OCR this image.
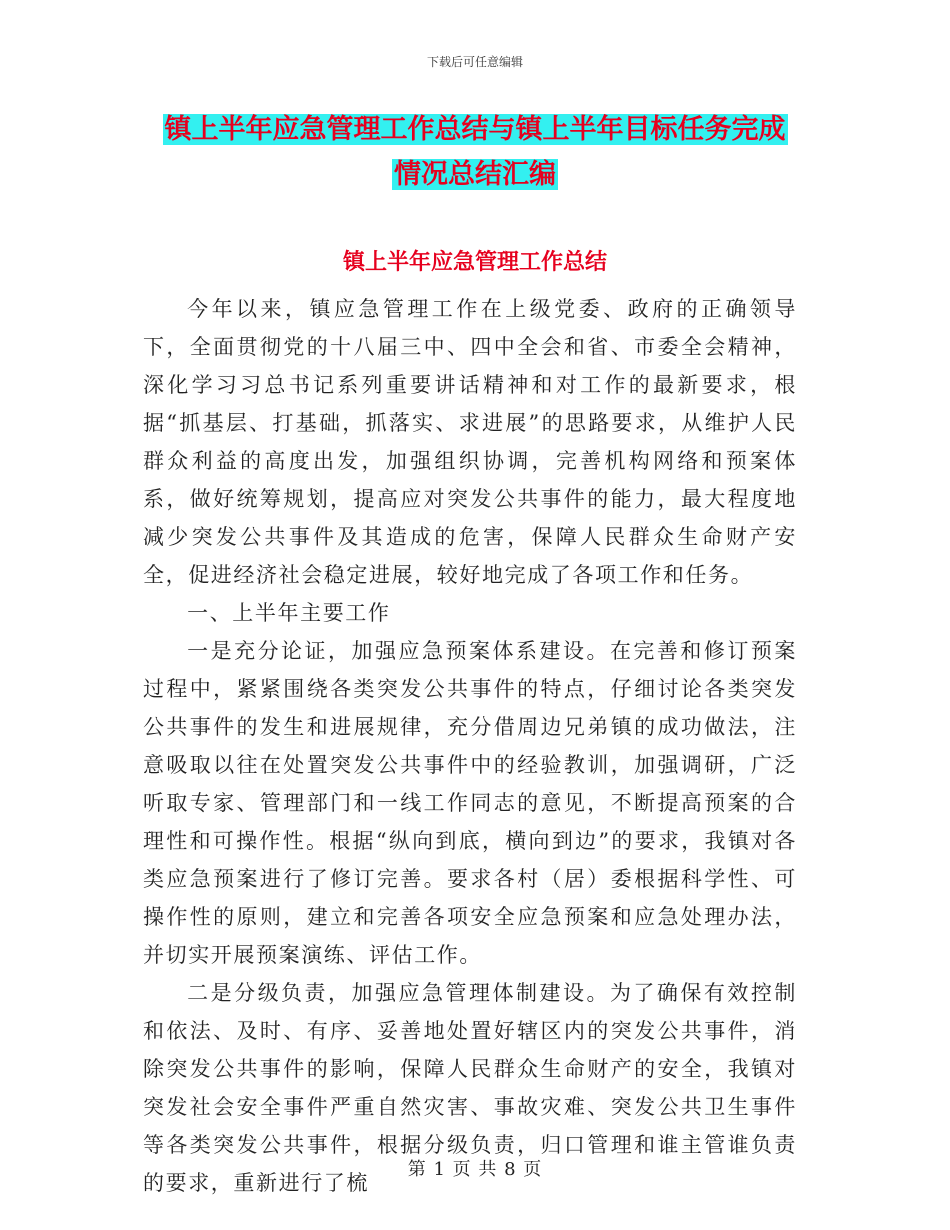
下载后可任意编辑
镇上半年应急管理工作总结与镇上半年目标任务完成
情况总结汇编
镇上半年应急管理工作总结

今年以来，镇应急管理工作在上级党委、政府的正确领导下，全面贯彻党的十八届三中、四中全会和省、市委全会精神，深化学习习总书记系列重要讲话精神和对工作的最新要求，根据“抓基层、打基础，抓落实、求进展”的思路要求，从维护人民群众利益的高度出发，加强组织协调，完善机构网络和预案体系，做好统筹规划，提高应对突发公共事件的能力，最大程度地减少突发公共事件及其造成的危害，保障人民群众生命财产安全，促进经济社会稳定进展，较好地完成了各项工作和任务。

一、上半年主要工作

一是充分论证，加强应急预案体系建设。在完善和修订预案过程中，紧紧围绕各类突发公共事件的特点，仔细讨论各类突发公共事件的发生和进展规律，充分借周边兄弟镇的成功做法，注意吸取以往在处置突发公共事件中的经验教训，加强调研，广泛听取专家、管理部门和一线工作同志的意见，不断提高预案的合理性和可操作性。根据“纵向到底，横向到边”的要求，我镇对各类应急预案进行了修订完善。要求各村（居）委根据科学性、可操作性的原则，建立和完善各项安全应急预案和应急处理办法，并切实开展预案演练、评估工作。

二是分级负责，加强应急管理体制建设。为了确保有效控制和依法、及时、有序、妥善地处置好辖区内的突发公共事件，消除突发公共事件的影响，保障人民群众生命财产的安全，我镇对突发社会安全事件严重自然灾害、事故灾难、突发公共卫生事件等各类突发公共事件，根据分级负责，归口管理和谁主管谁负责的要求，重新进行了梳

第 1 页 共 8 页
